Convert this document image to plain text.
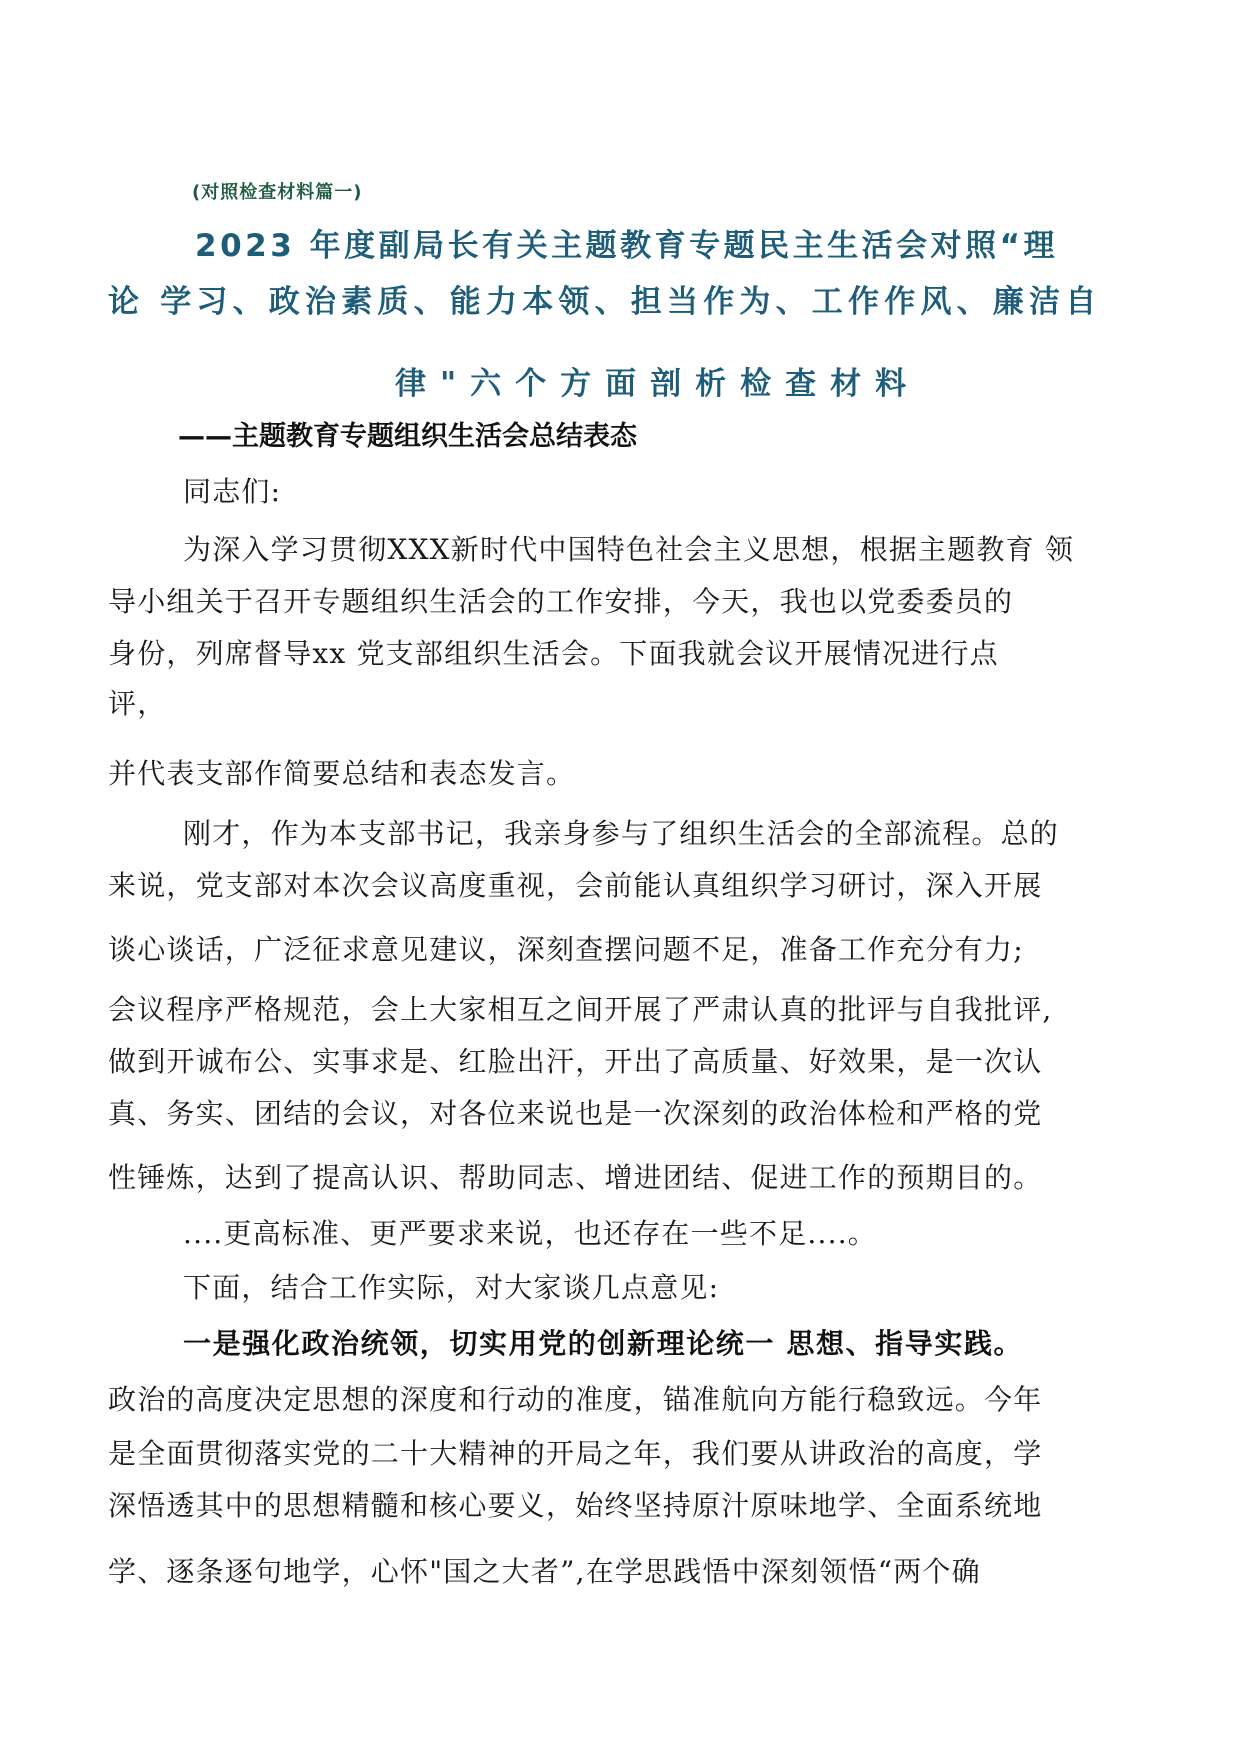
(对照检查材料篇一)
2023 年度副局长有关主题教育专题民主生活会对照“理
论 学习、政治素质、能力本领、担当作为、工作作风、廉洁自
律"六个方面剖析检查材料
——主题教育专题组织生活会总结表态
同志们:
为深入学习贯彻XXX新时代中国特色社会主义思想，根据主题教育 领
导小组关于召开专题组织生活会的工作安排，今天，我也以党委委员的
身份，列席督导xx 党支部组织生活会。下面我就会议开展情况进行点
评，
并代表支部作简要总结和表态发言。
刚才，作为本支部书记，我亲身参与了组织生活会的全部流程。总的
来说，党支部对本次会议高度重视，会前能认真组织学习研讨，深入开展
谈心谈话，广泛征求意见建议，深刻查摆问题不足，准备工作充分有力;
会议程序严格规范，会上大家相互之间开展了严肃认真的批评与自我批评,
做到开诚布公、实事求是、红脸出汗，开出了高质量、好效果，是一次认
真、务实、团结的会议，对各位来说也是一次深刻的政治体检和严格的党
性锤炼，达到了提高认识、帮助同志、增进团结、促进工作的预期目的。
....更高标准、更严要求来说，也还存在一些不足....。
下面，结合工作实际，对大家谈几点意见:
一是强化政治统领，切实用党的创新理论统一 思想、指导实践。
政治的高度决定思想的深度和行动的准度，锚准航向方能行稳致远。今年
是全面贯彻落实党的二十大精神的开局之年，我们要从讲政治的高度，学
深悟透其中的思想精髓和核心要义，始终坚持原汁原味地学、全面系统地
学、逐条逐句地学，心怀"国之大者”,在学思践悟中深刻领悟“两个确
